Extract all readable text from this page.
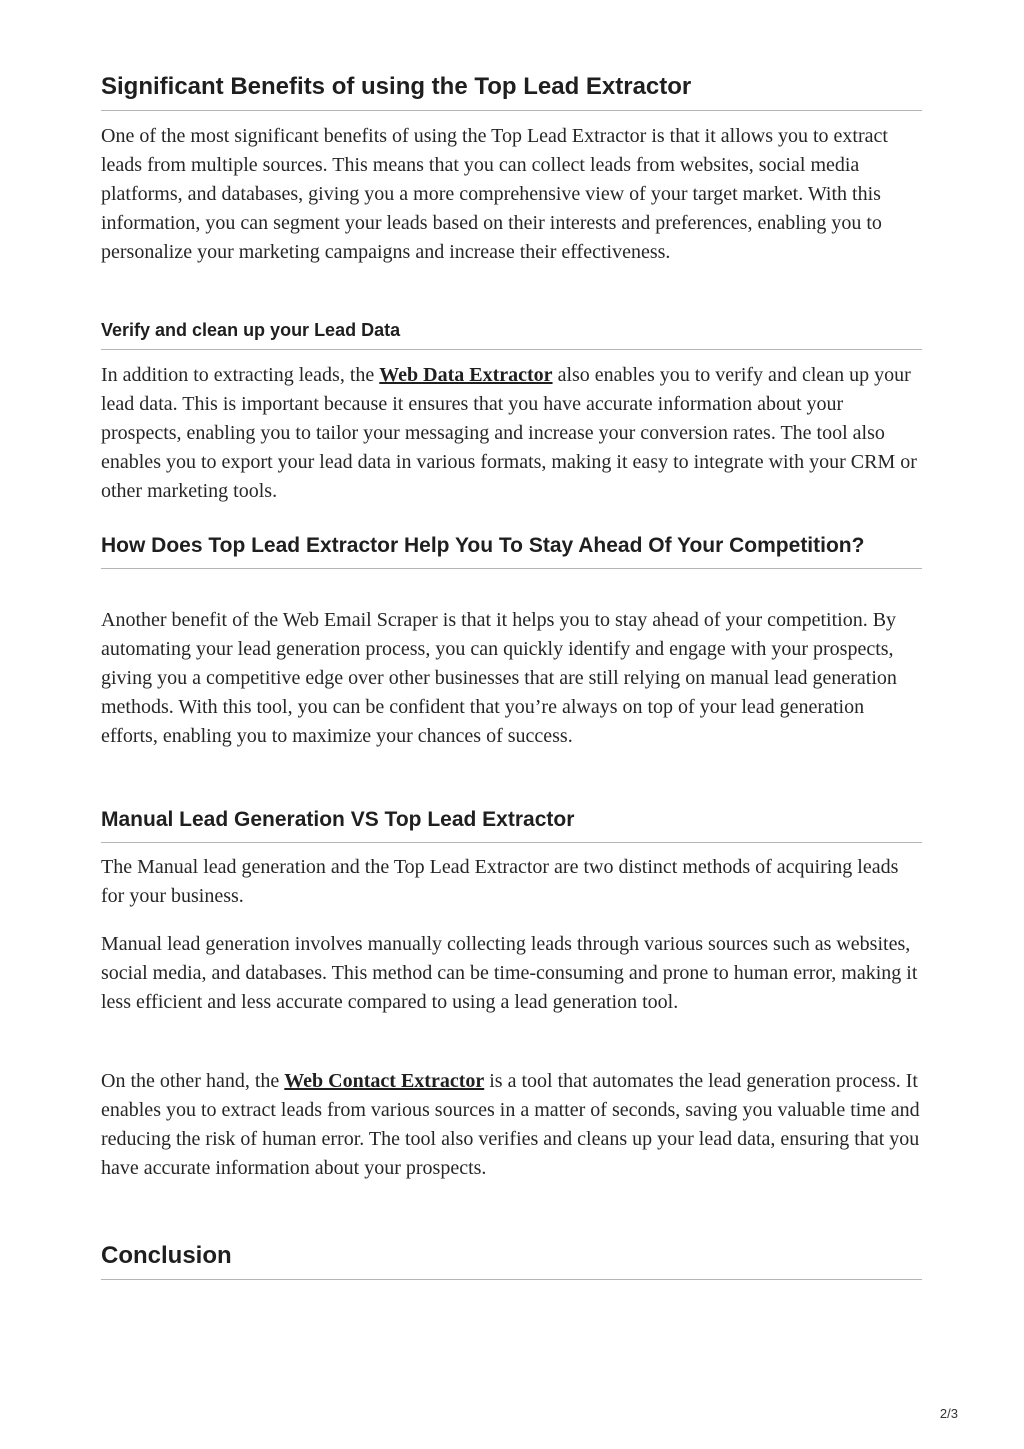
Significant Benefits of using the Top Lead Extractor

One of the most significant benefits of using the Top Lead Extractor is that it allows you to extract leads from multiple sources. This means that you can collect leads from websites, social media platforms, and databases, giving you a more comprehensive view of your target market. With this information, you can segment your leads based on their interests and preferences, enabling you to personalize your marketing campaigns and increase their effectiveness.

Verify and clean up your Lead Data

In addition to extracting leads, the Web Data Extractor also enables you to verify and clean up your lead data. This is important because it ensures that you have accurate information about your prospects, enabling you to tailor your messaging and increase your conversion rates. The tool also enables you to export your lead data in various formats, making it easy to integrate with your CRM or other marketing tools.

How Does Top Lead Extractor Help You To Stay Ahead Of Your Competition?

Another benefit of the Web Email Scraper is that it helps you to stay ahead of your competition. By automating your lead generation process, you can quickly identify and engage with your prospects, giving you a competitive edge over other businesses that are still relying on manual lead generation methods. With this tool, you can be confident that you’re always on top of your lead generation efforts, enabling you to maximize your chances of success.

Manual Lead Generation VS Top Lead Extractor

The Manual lead generation and the Top Lead Extractor are two distinct methods of acquiring leads for your business.

Manual lead generation involves manually collecting leads through various sources such as websites, social media, and databases. This method can be time-consuming and prone to human error, making it less efficient and less accurate compared to using a lead generation tool.

On the other hand, the Web Contact Extractor is a tool that automates the lead generation process. It enables you to extract leads from various sources in a matter of seconds, saving you valuable time and reducing the risk of human error. The tool also verifies and cleans up your lead data, ensuring that you have accurate information about your prospects.

Conclusion
2/3
